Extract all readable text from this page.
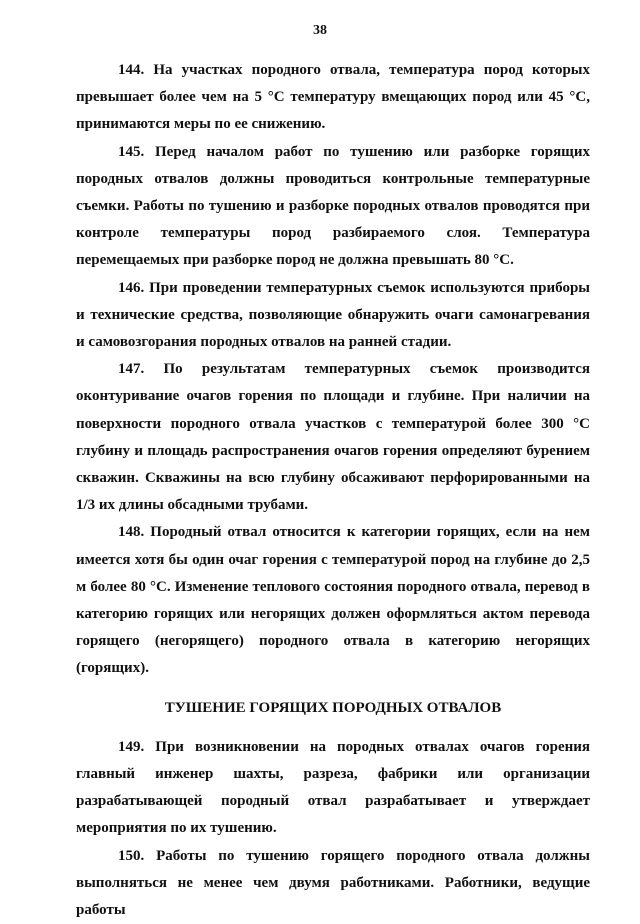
38

144. На участках породного отвала, температура пород которых превышает более чем на 5 °С температуру вмещающих пород или 45 °С, принимаются меры по ее снижению.

145. Перед началом работ по тушению или разборке горящих породных отвалов должны проводиться контрольные температурные съемки. Работы по тушению и разборке породных отвалов проводятся при контроле температуры пород разбираемого слоя. Температура перемещаемых при разборке пород не должна превышать 80 °С.

146. При проведении температурных съемок используются приборы и технические средства, позволяющие обнаружить очаги самонагревания и самовозгорания породных отвалов на ранней стадии.

147. По результатам температурных съемок производится оконтуривание очагов горения по площади и глубине. При наличии на поверхности породного отвала участков с температурой более 300 °С глубину и площадь распространения очагов горения определяют бурением скважин. Скважины на всю глубину обсаживают перфорированными на 1/3 их длины обсадными трубами.

148. Породный отвал относится к категории горящих, если на нем имеется хотя бы один очаг горения с температурой пород на глубине до 2,5 м более 80 °С. Изменение теплового состояния породного отвала, перевод в категорию горящих или негорящих должен оформляться актом перевода горящего (негорящего) породного отвала в категорию негорящих (горящих).

ТУШЕНИЕ ГОРЯЩИХ ПОРОДНЫХ ОТВАЛОВ

149. При возникновении на породных отвалах очагов горения главный инженер шахты, разреза, фабрики или организации разрабатывающей породный отвал разрабатывает и утверждает мероприятия по их тушению.

150. Работы по тушению горящего породного отвала должны выполняться не менее чем двумя работниками. Работники, ведущие работы
